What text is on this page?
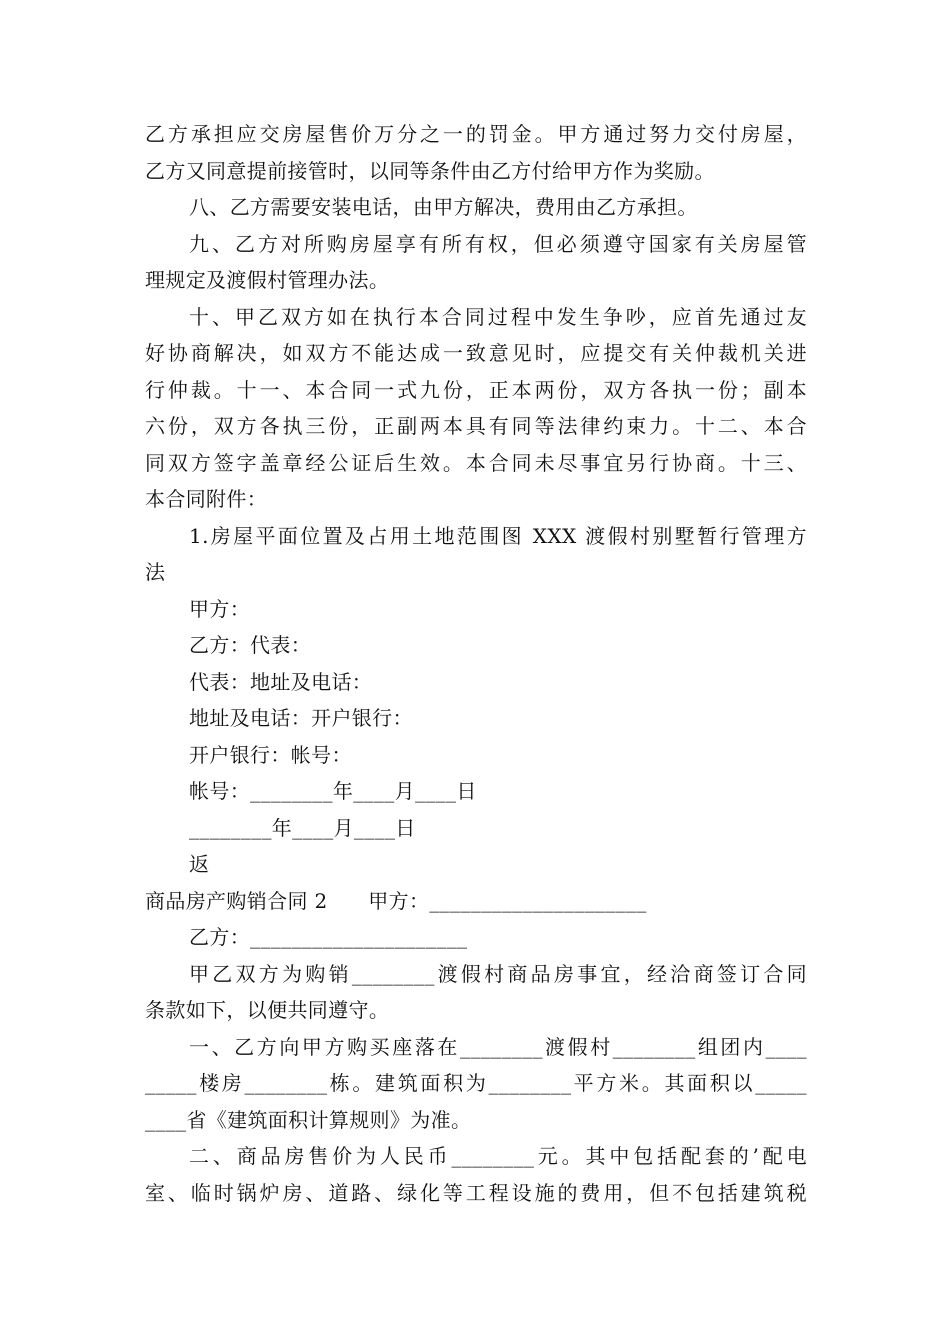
乙方承担应交房屋售价万分之一的罚金。甲方通过努力交付房屋，
乙方又同意提前接管时，以同等条件由乙方付给甲方作为奖励。
八、乙方需要安装电话，由甲方解决，费用由乙方承担。
九、乙方对所购房屋享有所有权，但必须遵守国家有关房屋管
理规定及渡假村管理办法。
十、甲乙双方如在执行本合同过程中发生争吵，应首先通过友
好协商解决，如双方不能达成一致意见时，应提交有关仲裁机关进
行仲裁。十一、本合同一式九份，正本两份，双方各执一份；副本
六份，双方各执三份，正副两本具有同等法律约束力。十二、本合
同双方签字盖章经公证后生效。本合同未尽事宜另行协商。十三、
本合同附件：
1.房屋平面位置及占用土地范围图 XXX 渡假村别墅暂行管理方
法
甲方：
乙方：代表：
代表：地址及电话：
地址及电话：开户银行：
开户银行：帐号：
帐号：________年____月____日
________年____月____日
返
商品房产购销合同 2　　甲方：_____________________
乙方：_____________________
甲乙双方为购销________渡假村商品房事宜，经洽商签订合同
条款如下，以便共同遵守。
一、乙方向甲方购买座落在________渡假村________组团内____
_____楼房________栋。建筑面积为________平方米。其面积以_____
____省《建筑面积计算规则》为准。
二、商品房售价为人民币________元。其中包括配套的’配电
室、临时锅炉房、道路、绿化等工程设施的费用，但不包括建筑税
